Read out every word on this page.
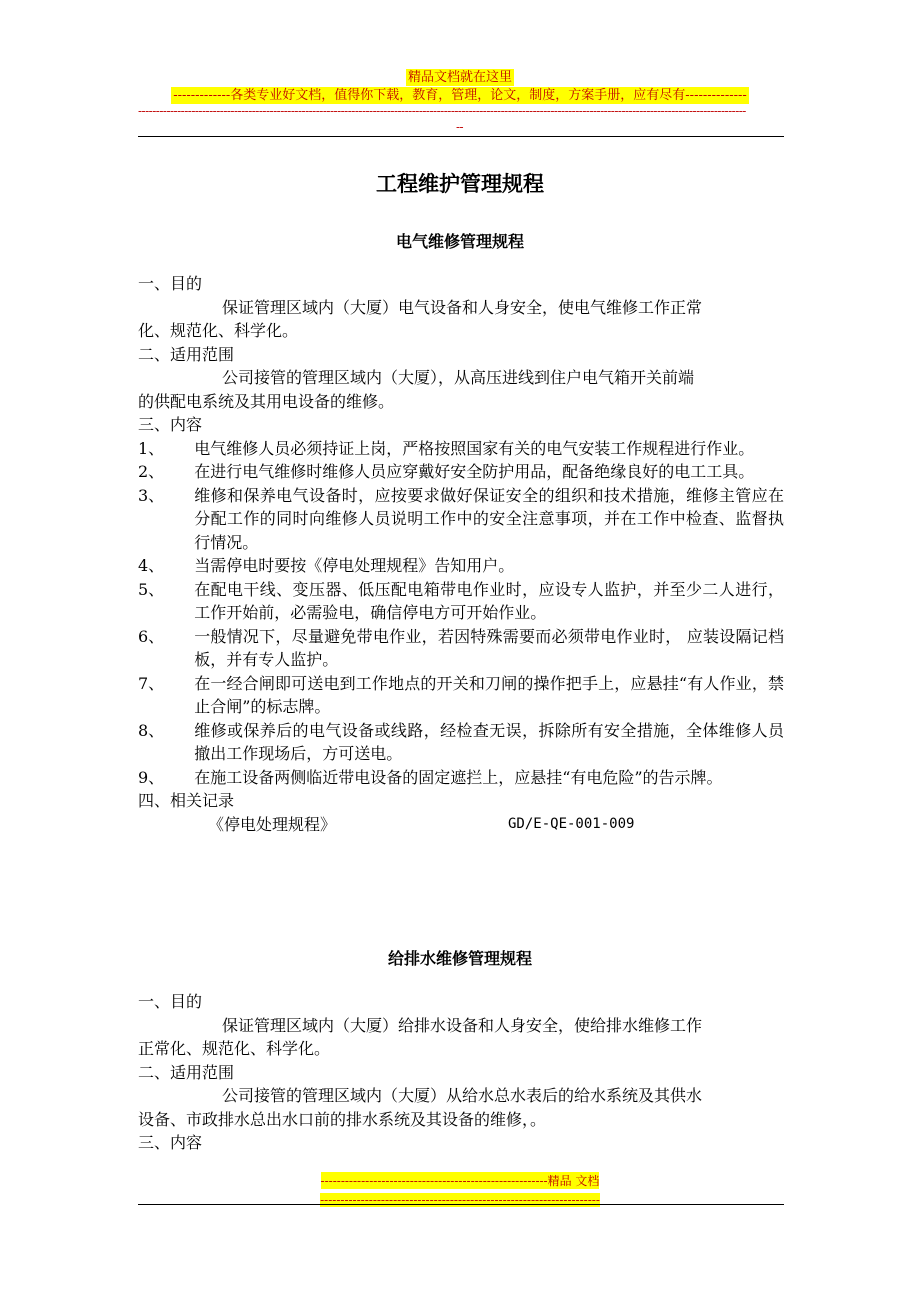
精品文档就在这里
-------------各类专业好文档，值得你下载，教育，管理，论文，制度，方案手册，应有尽有--------------
---------------------------------------------------------------------------------------------------------------------------------------------------------------------------
--
工程维护管理规程
电气维修管理规程
一、目的
保证管理区域内（大厦）电气设备和人身安全，使电气维修工作正常
化、规范化、科学化。
二、适用范围
公司接管的管理区域内（大厦），从高压进线到住户电气箱开关前端
的供配电系统及其用电设备的维修。
三、内容
1、 电气维修人员必须持证上岗，严格按照国家有关的电气安装工作规程进行作业。
2、 在进行电气维修时维修人员应穿戴好安全防护用品，配备绝缘良好的电工工具。
3、 维修和保养电气设备时，应按要求做好保证安全的组织和技术措施，维修主管应在分配工作的同时向维修人员说明工作中的安全注意事项，并在工作中检查、监督执行情况。
4、 当需停电时要按《停电处理规程》告知用户。
5、 在配电干线、变压器、低压配电箱带电作业时，应设专人监护，并至少二人进行，工作开始前，必需验电，确信停电方可开始作业。
6、 一般情况下，尽量避免带电作业，若因特殊需要而必须带电作业时， 应装设隔记档板，并有专人监护。
7、 在一经合闸即可送电到工作地点的开关和刀闸的操作把手上，应悬挂“有人作业，禁止合闸”的标志牌。
8、 维修或保养后的电气设备或线路，经检查无误，拆除所有安全措施，全体维修人员撤出工作现场后，方可送电。
9、 在施工设备两侧临近带电设备的固定遮拦上，应悬挂“有电危险”的告示牌。
四、相关记录
《停电处理规程》	GD/E-QE-001-009
给排水维修管理规程
一、目的
保证管理区域内（大厦）给排水设备和人身安全，使给排水维修工作
正常化、规范化、科学化。
二、适用范围
公司接管的管理区域内（大厦）从给水总水表后的给水系统及其供水
设备、市政排水总出水口前的排水系统及其设备的维修，。
三、内容
--------------------------------------------------------精品 文档
---------------------------------------------------------------------
